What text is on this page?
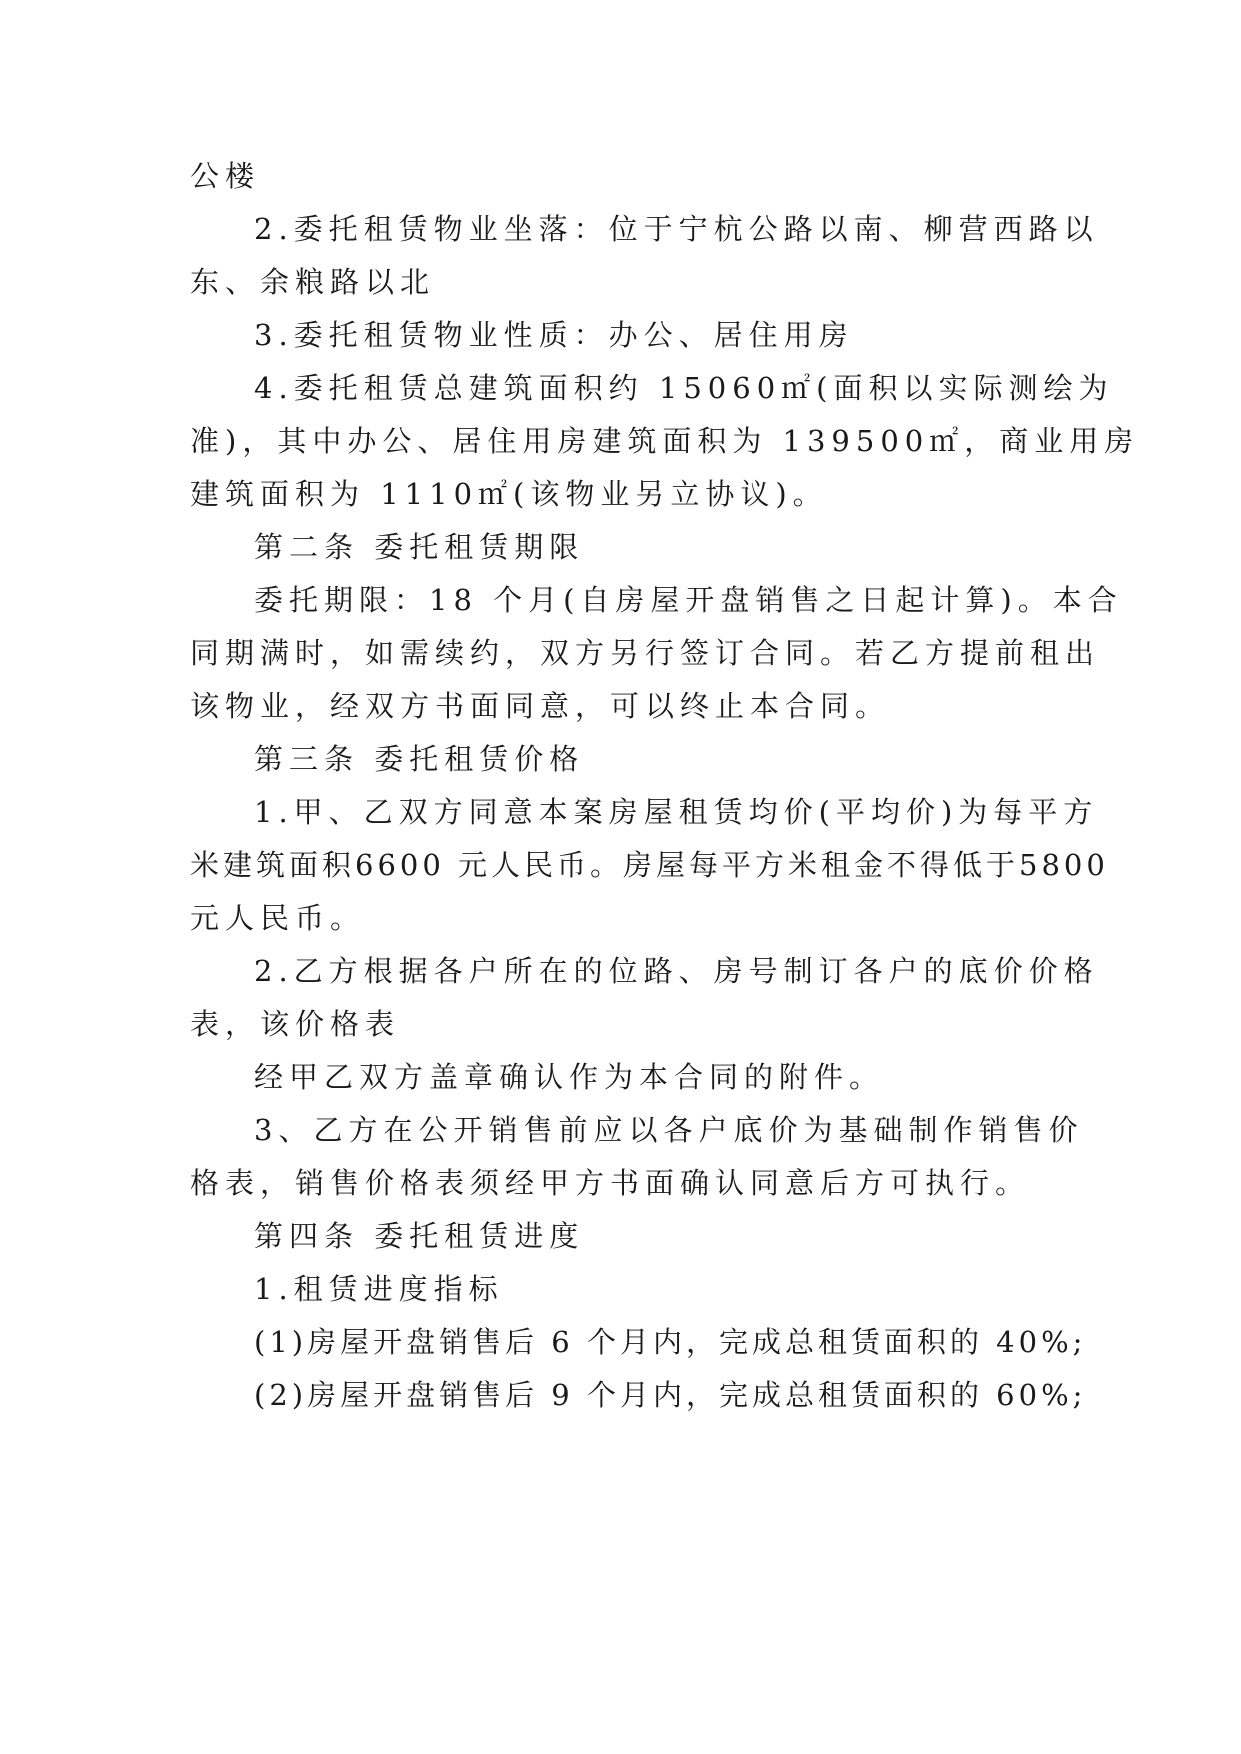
公楼
2.委托租赁物业坐落：位于宁杭公路以南、柳营西路以
东、余粮路以北
3.委托租赁物业性质：办公、居住用房
4.委托租赁总建筑面积约 15060㎡(面积以实际测绘为
准)，其中办公、居住用房建筑面积为 139500㎡，商业用房
建筑面积为 1110㎡(该物业另立协议)。
第二条 委托租赁期限
委托期限：18 个月(自房屋开盘销售之日起计算)。本合
同期满时，如需续约，双方另行签订合同。若乙方提前租出
该物业，经双方书面同意，可以终止本合同。
第三条 委托租赁价格
1.甲、乙双方同意本案房屋租赁均价(平均价)为每平方
米建筑面积6600 元人民币。房屋每平方米租金不得低于5800
元人民币。
2.乙方根据各户所在的位路、房号制订各户的底价价格
表，该价格表
经甲乙双方盖章确认作为本合同的附件。
3、乙方在公开销售前应以各户底价为基础制作销售价
格表，销售价格表须经甲方书面确认同意后方可执行。
第四条 委托租赁进度
1.租赁进度指标
(1)房屋开盘销售后 6 个月内，完成总租赁面积的 40%;
(2)房屋开盘销售后 9 个月内，完成总租赁面积的 60%;
